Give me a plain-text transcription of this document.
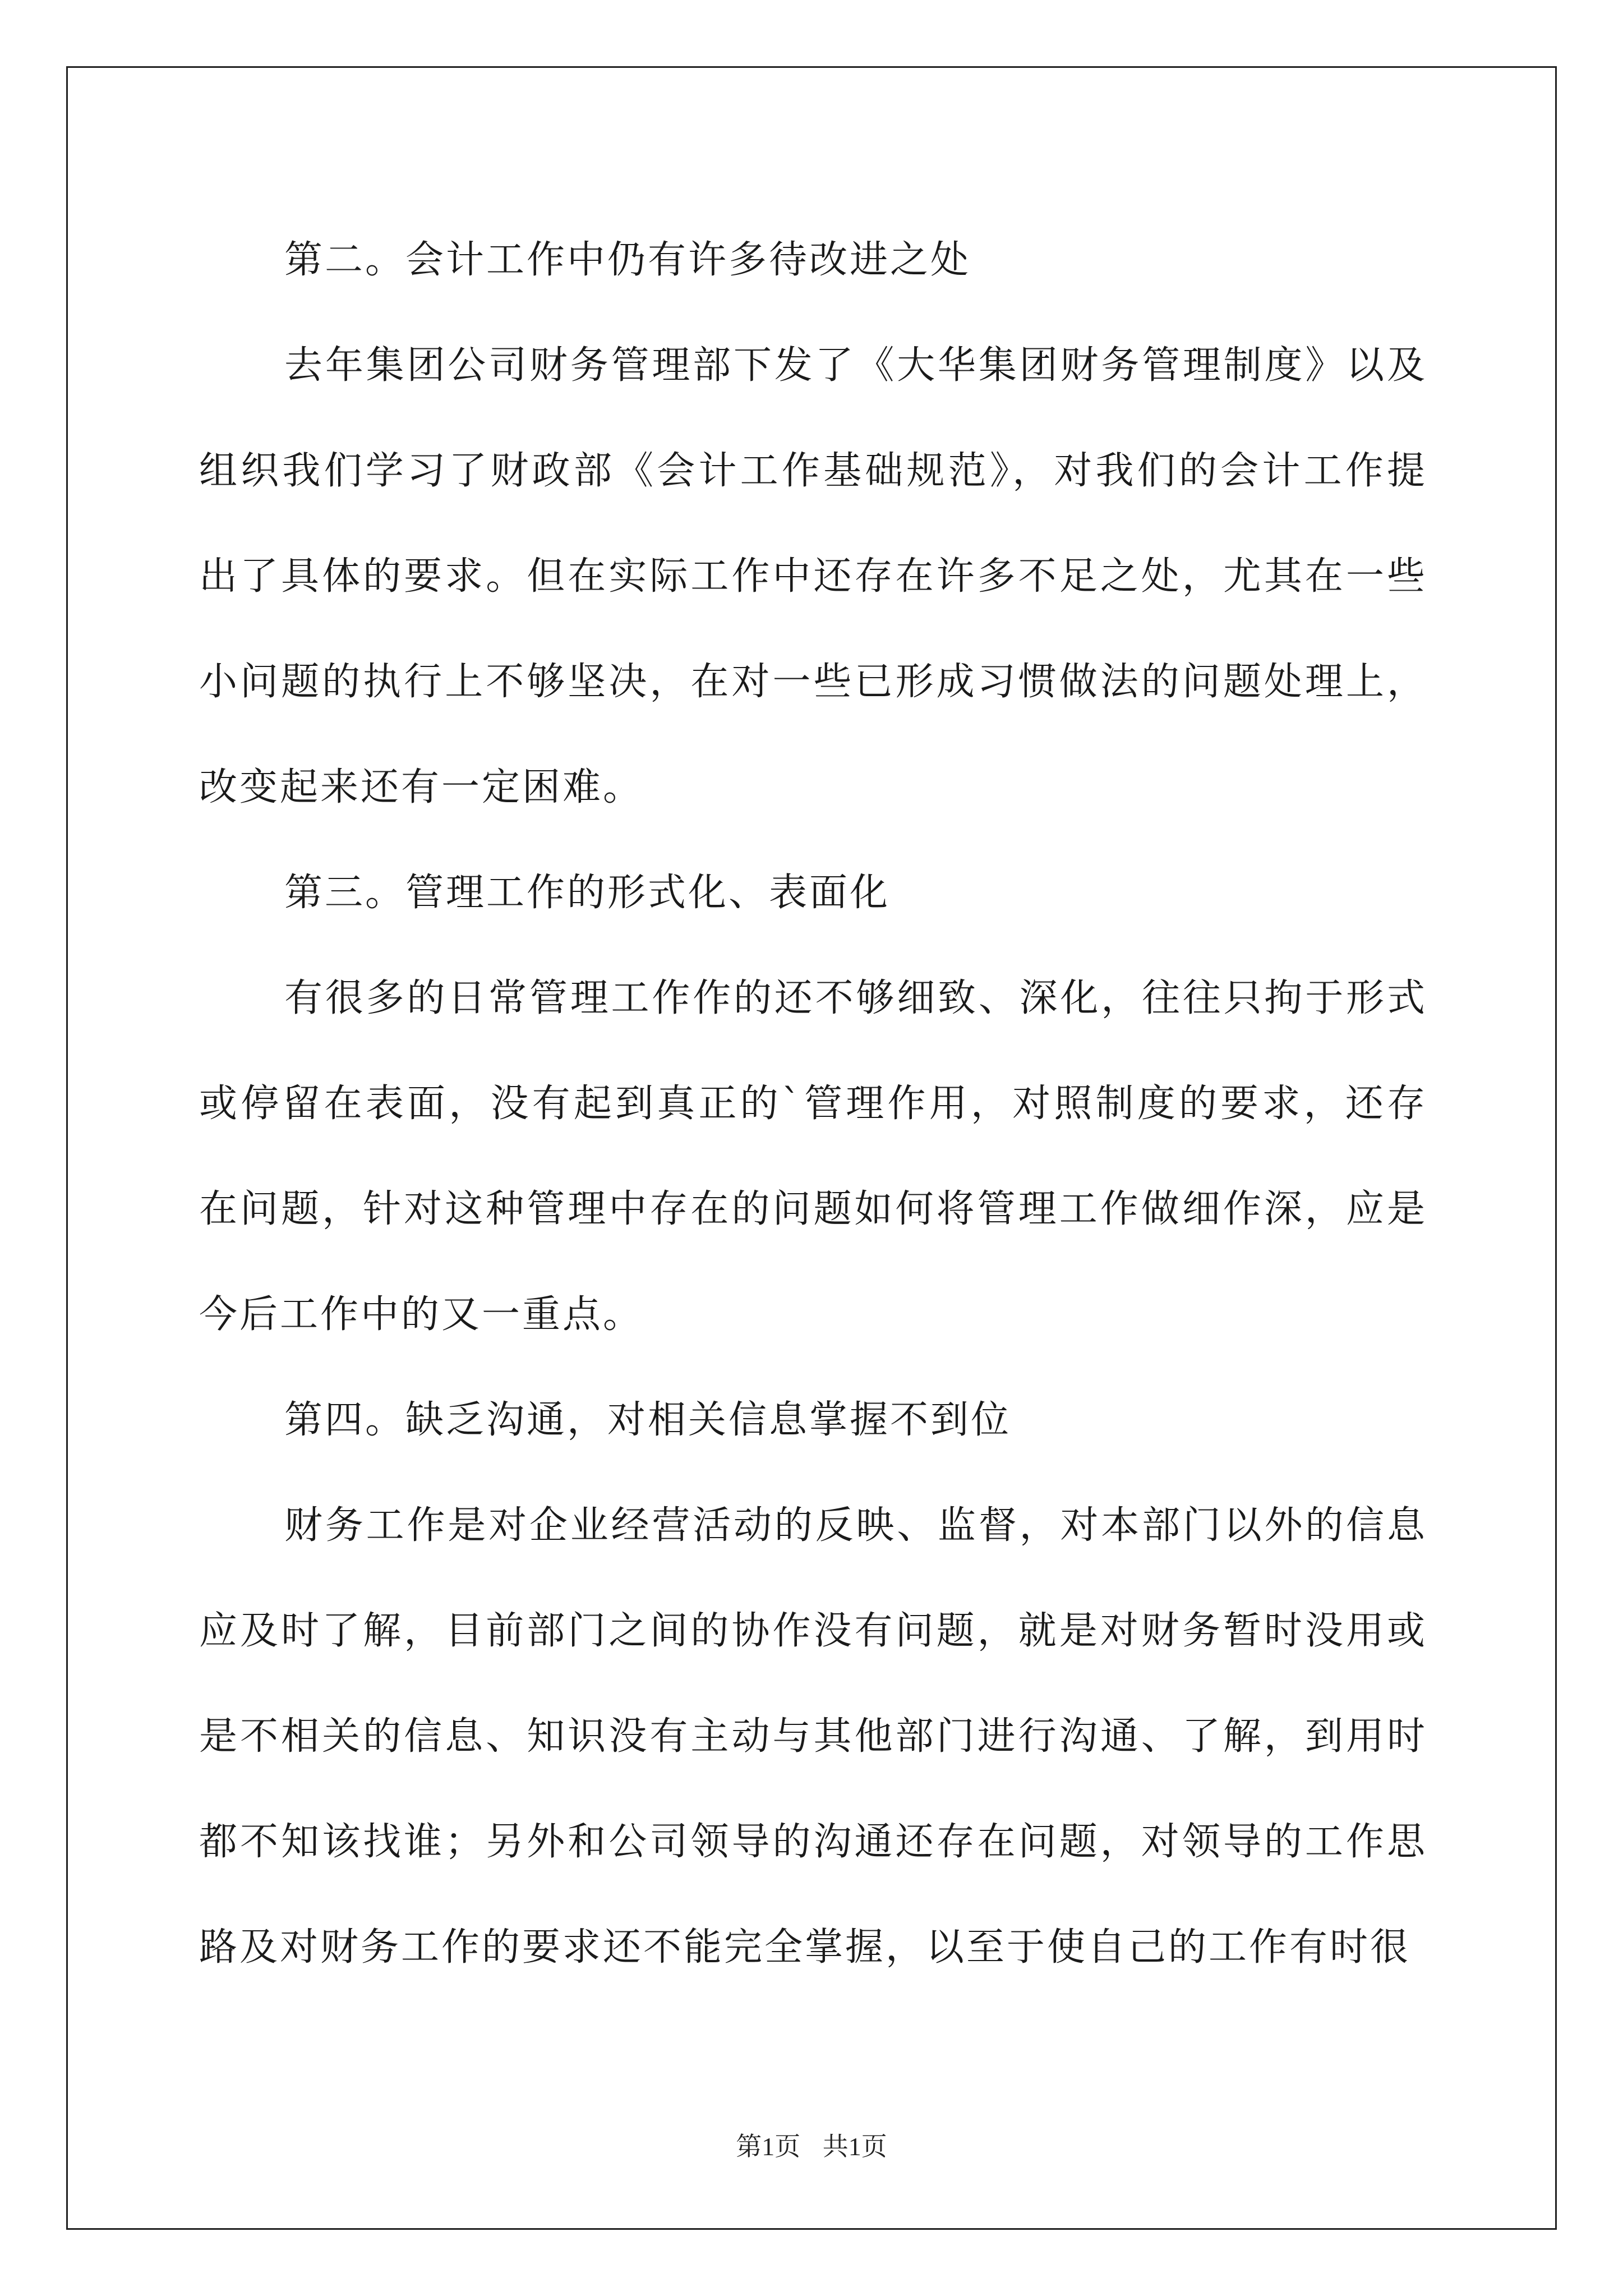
第二。会计工作中仍有许多待改进之处

去年集团公司财务管理部下发了《大华集团财务管理制度》以及组织我们学习了财政部《会计工作基础规范》，对我们的会计工作提出了具体的要求。但在实际工作中还存在许多不足之处，尤其在一些小问题的执行上不够坚决，在对一些已形成习惯做法的问题处理上，改变起来还有一定困难。

第三。管理工作的形式化、表面化

有很多的日常管理工作作的还不够细致、深化，往往只拘于形式或停留在表面，没有起到真正的`管理作用，对照制度的要求，还存在问题，针对这种管理中存在的问题如何将管理工作做细作深，应是今后工作中的又一重点。

第四。缺乏沟通，对相关信息掌握不到位

财务工作是对企业经营活动的反映、监督，对本部门以外的信息应及时了解，目前部门之间的协作没有问题，就是对财务暂时没用或是不相关的信息、知识没有主动与其他部门进行沟通、了解，到用时都不知该找谁；另外和公司领导的沟通还存在问题，对领导的工作思路及对财务工作的要求还不能完全掌握，以至于使自己的工作有时很

第1页 共1页
